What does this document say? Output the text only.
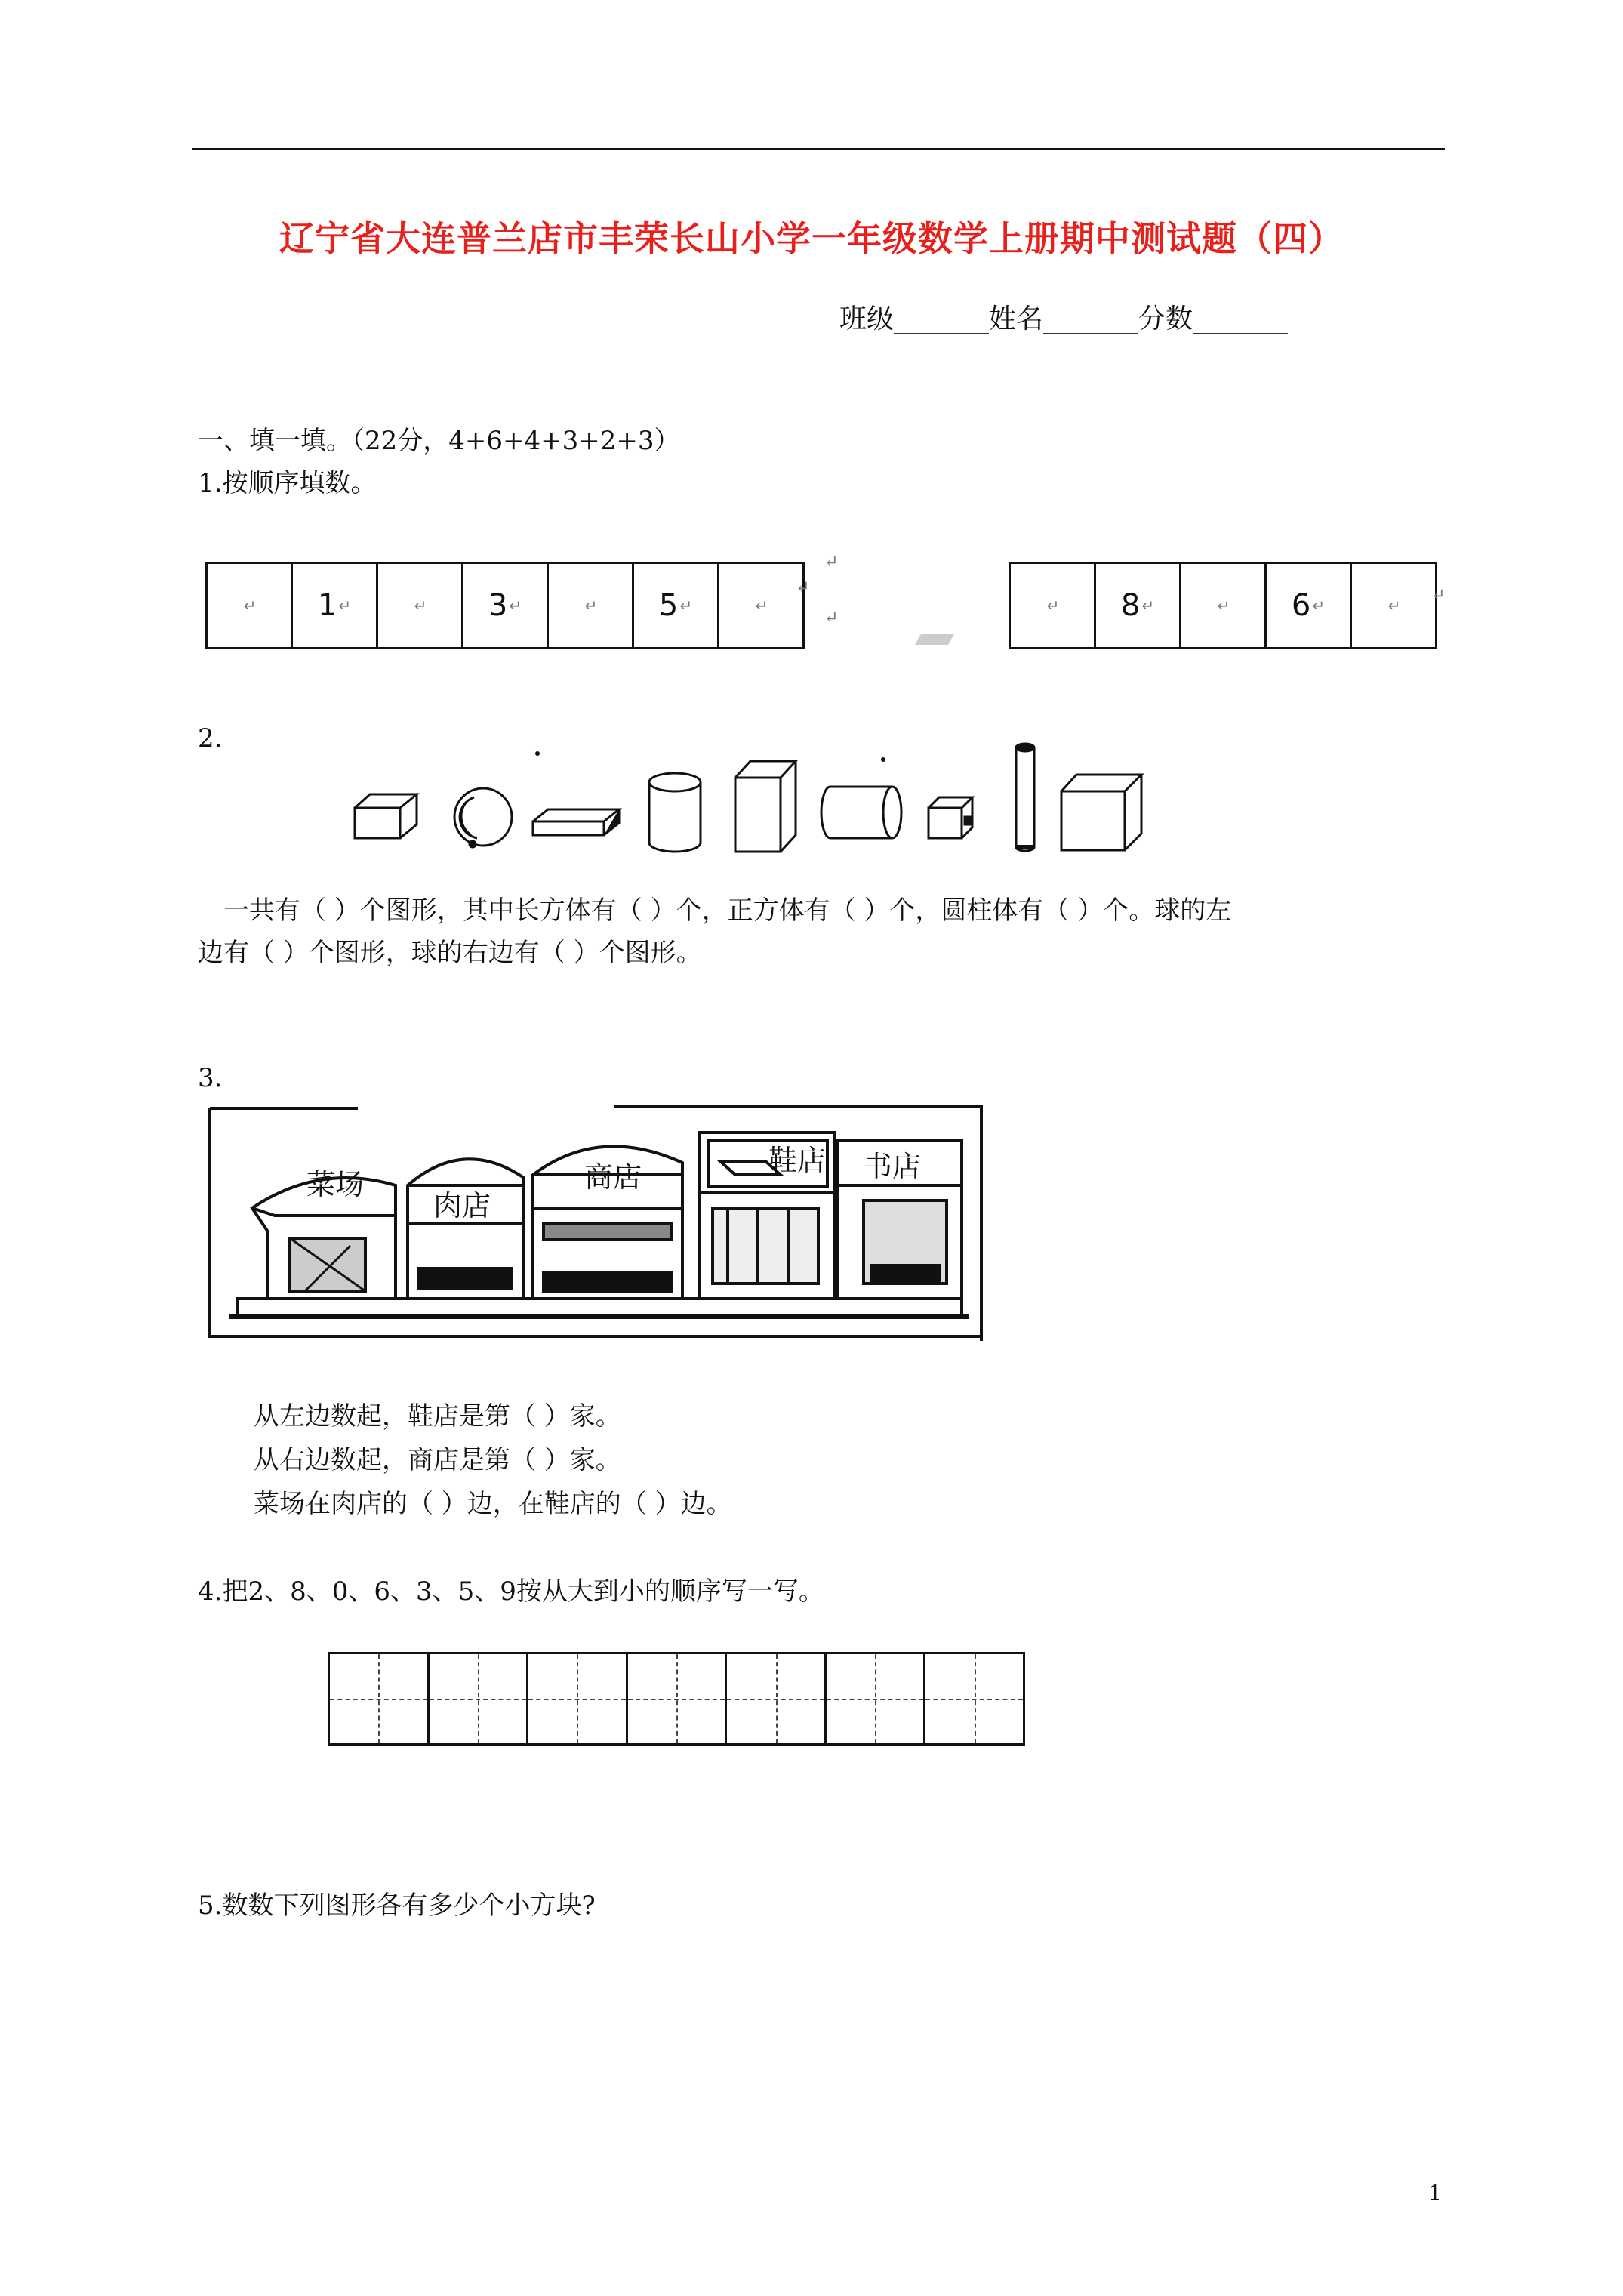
辽宁省大连普兰店市丰荣长山小学一年级数学上册期中测试题（四）
班级_______姓名_______分数_______
一、填一填。（22分，4+6+4+3+2+3）
1.按顺序填数。
↵ 1 ↵	↵ 3 ↵	↵ 5 ↵	↵	↵ 8 ↵	↵ 6 ↵	↵
↵
↵
↵
↵
2.
一共有（ ）个图形，其中长方体有（ ）个，正方体有（ ）个，圆柱体有（ ）个。球的左
边有（ ）个图形，球的右边有（ ）个图形。
3.
菜场
肉店
商店	鞋店 书店
从左边数起，鞋店是第（ ）家。
从右边数起，商店是第（ ）家。
菜场在肉店的（ ）边，在鞋店的（ ）边。
4.把2、8、0、6、3、5、9按从大到小的顺序写一写。
5.数数下列图形各有多少个小方块?
1
